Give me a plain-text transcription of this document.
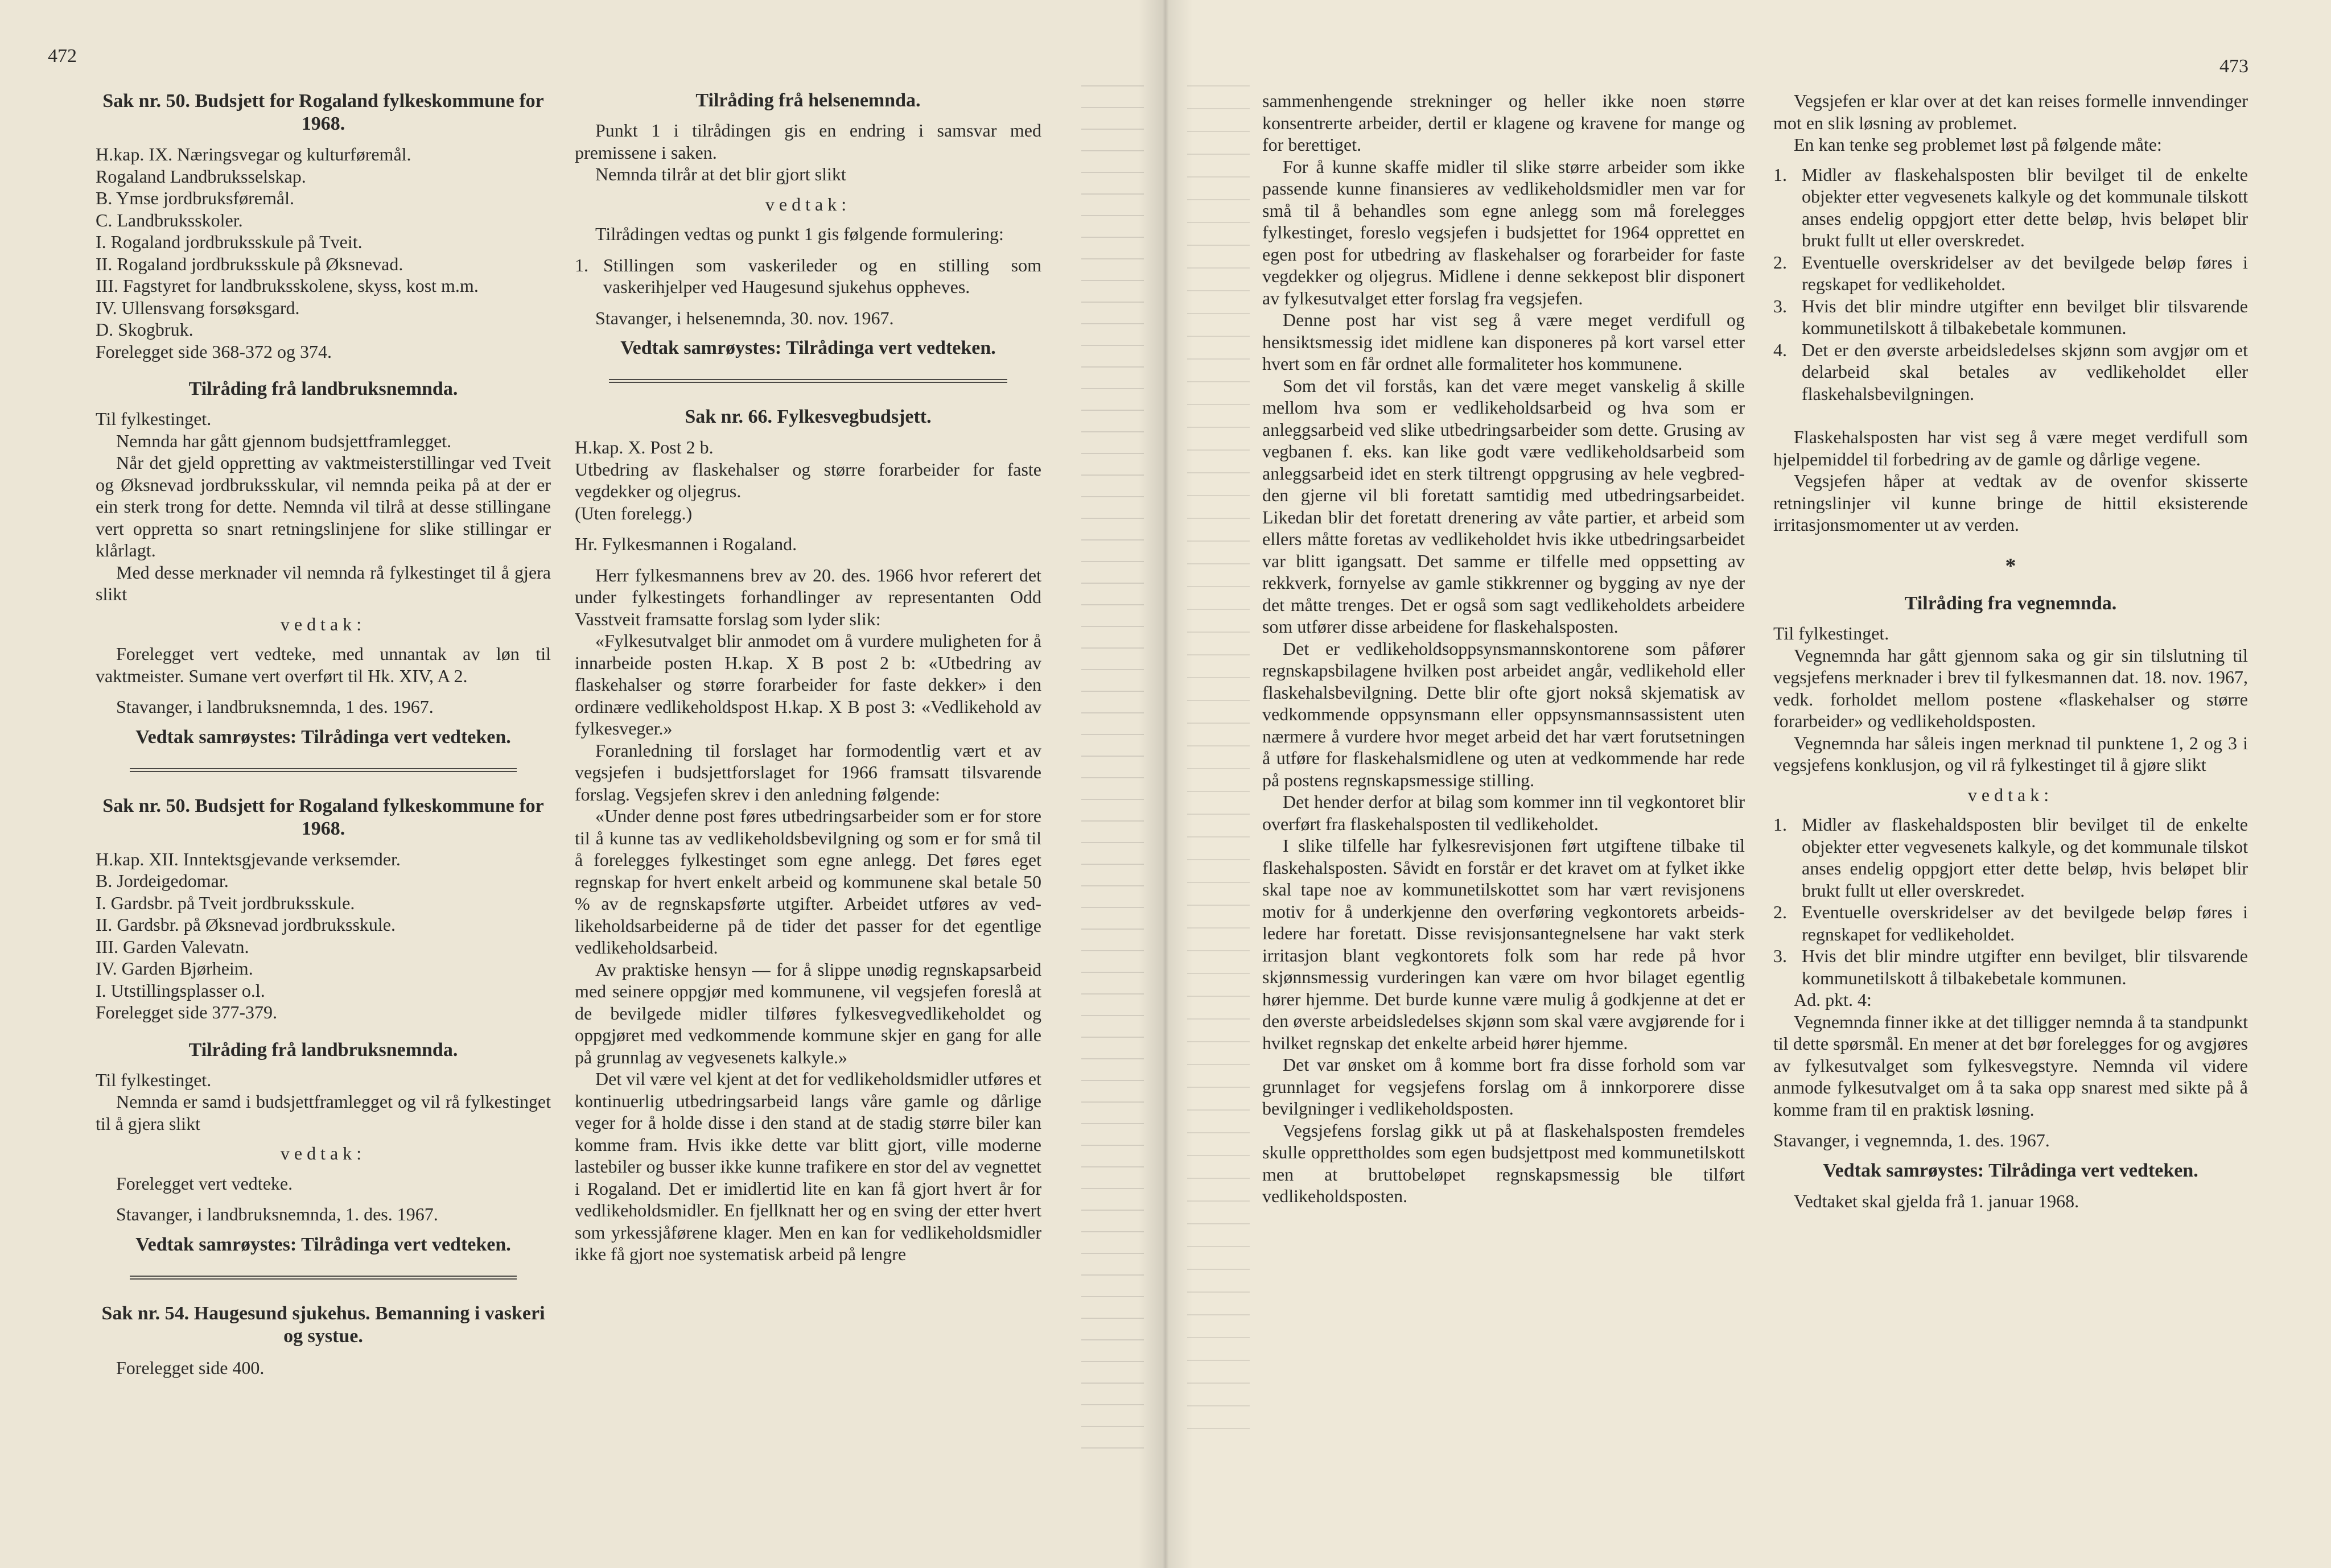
472	473
Sak nr. 50. Budsjett for Rogaland fylkeskommune for 1968.

H.kap. IX. Næringsvegar og kulturføremål.

Rogaland Landbruksselskap.

B. Ymse jordbruksføremål.

C. Landbruksskoler.

I. Rogaland jordbruksskule på Tveit.

II. Rogaland jordbruksskule på Øksnevad.

III. Fagstyret for landbruksskolene, skyss, kost m.m.

IV. Ullensvang forsøksgard.

D. Skogbruk.

Forelegget side 368-372 og 374.

Tilråding frå landbruksnemnda.

Til fylkestinget.

Nemnda har gått gjennom budsjettframlegget.

Når det gjeld oppretting av vaktmeisterstillingar ved Tveit og Øksnevad jordbruksskular, vil nemnda peika på at der er ein sterk trong for dette. Nemnda vil tilrå at desse stillingane vert oppretta so snart retningslinjene for slike stillingar er klårlagt.

Med desse merknader vil nemnda rå fylkestinget til å gjera slikt

vedtak:

Forelegget vert vedteke, med unnantak av løn til vaktmeister. Sumane vert overført til Hk. XIV, A 2.

Stavanger, i landbruksnemnda, 1 des. 1967.

Vedtak samrøystes: Tilrådinga vert vedteken.
Sak nr. 50. Budsjett for Rogaland fylkeskommune for 1968.

H.kap. XII. Inntektsgjevande verksemder.

B. Jordeigedomar.

I. Gardsbr. på Tveit jordbruksskule.

II. Gardsbr. på Øksnevad jordbruksskule.

III. Garden Valevatn.

IV. Garden Bjørheim.

I. Utstillingsplasser o.l.

Forelegget side 377-379.

Tilråding frå landbruksnemnda.

Til fylkestinget.

Nemnda er samd i budsjettframlegget og vil rå fylkestinget til å gjera slikt

vedtak:

Forelegget vert vedteke.

Stavanger, i landbruksnemnda, 1. des. 1967.

Vedtak samrøystes: Tilrådinga vert vedteken.
Sak nr. 54. Haugesund sjukehus. Bemanning i vaskeri og systue.

Forelegget side 400.

Tilråding frå helsenemnda.

Punkt 1 i tilrådingen gis en endring i samsvar med premissene i saken.

Nemnda tilrår at det blir gjort slikt

vedtak:

Tilrådingen vedtas og punkt 1 gis følgende formulering:

1. Stillingen som vaskerileder og en stilling som vaskerihjelper ved Haugesund sjukehus oppheves.

Stavanger, i helsenemnda, 30. nov. 1967.

Vedtak samrøystes: Tilrådinga vert vedteken.
Sak nr. 66. Fylkesvegbudsjett.

H.kap. X. Post 2 b.

Utbedring av flaskehalser og større forarbeider for faste vegdekker og oljegrus.

(Uten forelegg.)

Hr. Fylkesmannen i Rogaland.

Herr fylkesmannens brev av 20. des. 1966 hvor referert det under fylkestingets forhandlinger av representanten Odd Vasstveit framsatte forslag som lyder slik:

«Fylkesutvalget blir anmodet om å vurdere muligheten for å innarbeide posten H.kap. X B post 2 b: «Utbedring av flaskehalser og større forarbeider for faste dekker» i den ordinære vedlikeholdspost H.kap. X B post 3: «Vedlikehold av fylkesveger.»

Foranledning til forslaget har formodentlig vært et av vegsjefen i budsjettforslaget for 1966 framsatt tilsvarende forslag. Vegsjefen skrev i den anledning følgende:

«Under denne post føres utbedringsarbeider som er for store til å kunne tas av vedlikeholdsbevilgning og som er for små til å forelegges fylkestinget som egne anlegg. Det føres eget regnskap for hvert enkelt arbeid og kommunene skal betale 50 % av de regnskapsførte utgifter. Arbeidet utføres av vedlikeholdsarbeiderne på de tider det passer for det egentlige vedlikeholdsarbeid.

Av praktiske hensyn — for å slippe unødig regnskapsarbeid med seinere oppgjør med kommunene, vil vegsjefen foreslå at de bevilgede midler tilføres fylkesvegvedlikeholdet og oppgjøret med vedkommende kommune skjer en gang for alle på grunnlag av vegvesenets kalkyle.»

Det vil være vel kjent at det for vedlikeholdsmidler utføres et kontinuerlig utbedringsarbeid langs våre gamle og dårlige veger for å holde disse i den stand at de stadig større biler kan komme fram. Hvis ikke dette var blitt gjort, ville moderne lastebiler og busser ikke kunne trafikere en stor del av vegnettet i Rogaland. Det er imidlertid lite en kan få gjort hvert år for vedlikeholdsmidler. En fjellknatt her og en sving der etter hvert som yrkessjåførene klager. Men en kan for vedlikeholdsmidler ikke få gjort noe systematisk arbeid på lengre

sammenhengende strekninger og heller ikke noen større konsentrerte arbeider, dertil er klagene og kravene for mange og for berettiget.

For å kunne skaffe midler til slike større arbeider som ikke passende kunne finansieres av vedlikeholdsmidler men var for små til å behandles som egne anlegg som må forelegges fylkestinget, foreslo vegsjefen i budsjettet for 1964 opprettet en egen post for utbedring av flaskehalser og forarbeider for faste vegdekker og oljegrus. Midlene i denne sekkepost blir disponert av fylkesutvalget etter forslag fra vegsjefen.

Denne post har vist seg å være meget verdifull og hensiktsmessig idet midlene kan disponeres på kort varsel etter hvert som en får ordnet alle formaliteter hos kommunene.

Som det vil forstås, kan det være meget vanskelig å skille mellom hva som er vedlikeholdsarbeid og hva som er anleggsarbeid ved slike utbedringsarbeider som dette. Grusing av vegbanen f. eks. kan like godt være vedlikeholdsarbeid som anleggsarbeid idet en sterk tiltrengt oppgrusing av hele vegbredden gjerne vil bli foretatt samtidig med utbedringsarbeidet. Likedan blir det foretatt drenering av våte partier, et arbeid som ellers måtte foretas av vedlikeholdet hvis ikke utbedringsarbeidet var blitt igangsatt. Det samme er tilfelle med oppsetting av rekkverk, fornyelse av gamle stikkrenner og bygging av nye der det måtte trenges. Det er også som sagt vedlikeholdets arbeidere som utfører disse arbeidene for flaskehalsposten.

Det er vedlikeholdsoppsynsmannskontorene som påfører regnskapsbilagene hvilken post arbeidet angår, vedlikehold eller flaskehalsbevilgning. Dette blir ofte gjort nokså skjematisk av vedkommende oppsynsmann eller oppsynsmannsassistent uten nærmere å vurdere hvor meget arbeid det har vært forutsetningen å utføre for flaskehalsmidlene og uten at vedkommende har rede på postens regnskapsmessige stilling.

Det hender derfor at bilag som kommer inn til vegkontoret blir overført fra flaskehalsposten til vedlikeholdet.

I slike tilfelle har fylkesrevisjonen ført utgiftene tilbake til flaskehalsposten. Såvidt en forstår er det kravet om at fylket ikke skal tape noe av kommunetilskottet som har vært revisjonens motiv for å underkjenne den overføring vegkontorets arbeidsledere har foretatt. Disse revisjonsantegnelsene har vakt sterk irritasjon blant vegkontorets folk som har rede på hvor skjønnsmessig vurderingen kan være om hvor bilaget egentlig hører hjemme. Det burde kunne være mulig å godkjenne at det er den øverste arbeidsledelses skjønn som skal være avgjørende for i hvilket regnskap det enkelte arbeid hører hjemme.

Det var ønsket om å komme bort fra disse forhold som var grunnlaget for vegsjefens forslag om å innkorporere disse bevilgninger i vedlikeholdsposten.

Vegsjefens forslag gikk ut på at flaskehalsposten fremdeles skulle opprettholdes som egen budsjettpost med kommunetilskott men at bruttobeløpet regnskapsmessig ble tilført vedlikeholdsposten.

Vegsjefen er klar over at det kan reises formelle innvendinger mot en slik løsning av problemet.

En kan tenke seg problemet løst på følgende måte:

1. Midler av flaskehalsposten blir bevilget til de enkelte objekter etter vegvesenets kalkyle og det kommunale tilskott anses endelig oppgjort etter dette beløp, hvis beløpet blir brukt fullt ut eller overskredet.
2. Eventuelle overskridelser av det bevilgede beløp føres i regskapet for vedlikeholdet.
3. Hvis det blir mindre utgifter enn bevilget blir tilsvarende kommunetilskott å tilbakebetale kommunen.
4. Det er den øverste arbeidsledelses skjønn som avgjør om et delarbeid skal betales av vedlikeholdet eller flaskehalsbevilgningen.

Flaskehalsposten har vist seg å være meget verdifull som hjelpemiddel til forbedring av de gamle og dårlige vegene.

Vegsjefen håper at vedtak av de ovenfor skisserte retningslinjer vil kunne bringe de hittil eksisterende irritasjonsmomenter ut av verden.

*
Tilråding fra vegnemnda.

Til fylkestinget.

Vegnemnda har gått gjennom saka og gir sin tilslutning til vegsjefens merknader i brev til fylkesmannen dat. 18. nov. 1967, vedk. forholdet mellom postene «flaskehalser og større forarbeider» og vedlikeholdsposten.

Vegnemnda har såleis ingen merknad til punktene 1, 2 og 3 i vegsjefens konklusjon, og vil rå fylkestinget til å gjøre slikt

vedtak:
1. Midler av flaskehaldsposten blir bevilget til de enkelte objekter etter vegvesenets kalkyle, og det kommunale tilskot anses endelig oppgjort etter dette beløp, hvis beløpet blir brukt fullt ut eller overskredet.
2. Eventuelle overskridelser av det bevilgede beløp føres i regnskapet for vedlikeholdet.
3. Hvis det blir mindre utgifter enn bevilget, blir tilsvarende kommunetilskott å tilbakebetale kommunen.

Ad. pkt. 4:

Vegnemnda finner ikke at det tilligger nemnda å ta standpunkt til dette spørsmål. En mener at det bør forelegges for og avgjøres av fylkesutvalget som fylkesvegstyre. Nemnda vil videre anmode fylkesutvalget om å ta saka opp snarest med sikte på å komme fram til en praktisk løsning.

Stavanger, i vegnemnda, 1. des. 1967.

Vedtak samrøystes: Tilrådinga vert vedteken.

Vedtaket skal gjelda frå 1. januar 1968.
